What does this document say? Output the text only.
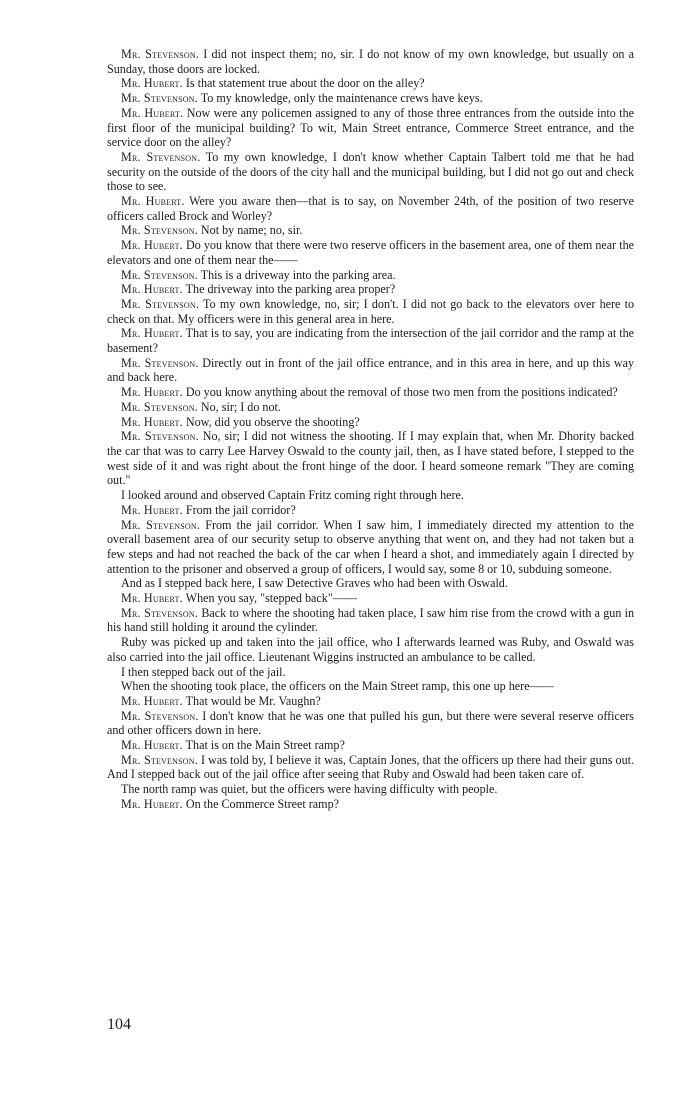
Mr. Stevenson. I did not inspect them; no, sir. I do not know of my own knowledge, but usually on a Sunday, those doors are locked.

Mr. Hubert. Is that statement true about the door on the alley?

Mr. Stevenson. To my knowledge, only the maintenance crews have keys.

Mr. Hubert. Now were any policemen assigned to any of those three entrances from the outside into the first floor of the municipal building? To wit, Main Street entrance, Commerce Street entrance, and the service door on the alley?

Mr. Stevenson. To my own knowledge, I don't know whether Captain Talbert told me that he had security on the outside of the doors of the city hall and the municipal building, but I did not go out and check those to see.

Mr. Hubert. Were you aware then—that is to say, on November 24th, of the position of two reserve officers called Brock and Worley?

Mr. Stevenson. Not by name; no, sir.

Mr. Hubert. Do you know that there were two reserve officers in the basement area, one of them near the elevators and one of them near the——

Mr. Stevenson. This is a driveway into the parking area.

Mr. Hubert. The driveway into the parking area proper?

Mr. Stevenson. To my own knowledge, no, sir; I don't. I did not go back to the elevators over here to check on that. My officers were in this general area in here.

Mr. Hubert. That is to say, you are indicating from the intersection of the jail corridor and the ramp at the basement?

Mr. Stevenson. Directly out in front of the jail office entrance, and in this area in here, and up this way and back here.

Mr. Hubert. Do you know anything about the removal of those two men from the positions indicated?

Mr. Stevenson. No, sir; I do not.

Mr. Hubert. Now, did you observe the shooting?

Mr. Stevenson. No, sir; I did not witness the shooting. If I may explain that, when Mr. Dhority backed the car that was to carry Lee Harvey Oswald to the county jail, then, as I have stated before, I stepped to the west side of it and was right about the front hinge of the door. I heard someone remark "They are coming out."

I looked around and observed Captain Fritz coming right through here.

Mr. Hubert. From the jail corridor?

Mr. Stevenson. From the jail corridor. When I saw him, I immediately directed my attention to the overall basement area of our security setup to observe anything that went on, and they had not taken but a few steps and had not reached the back of the car when I heard a shot, and immediately again I directed by attention to the prisoner and observed a group of officers, I would say, some 8 or 10, subduing someone.

And as I stepped back here, I saw Detective Graves who had been with Oswald.

Mr. Hubert. When you say, "stepped back"——

Mr. Stevenson. Back to where the shooting had taken place, I saw him rise from the crowd with a gun in his hand still holding it around the cylinder.

Ruby was picked up and taken into the jail office, who I afterwards learned was Ruby, and Oswald was also carried into the jail office. Lieutenant Wiggins instructed an ambulance to be called.

I then stepped back out of the jail.

When the shooting took place, the officers on the Main Street ramp, this one up here——

Mr. Hubert. That would be Mr. Vaughn?

Mr. Stevenson. I don't know that he was one that pulled his gun, but there were several reserve officers and other officers down in here.

Mr. Hubert. That is on the Main Street ramp?

Mr. Stevenson. I was told by, I believe it was, Captain Jones, that the officers up there had their guns out. And I stepped back out of the jail office after seeing that Ruby and Oswald had been taken care of.

The north ramp was quiet, but the officers were having difficulty with people.

Mr. Hubert. On the Commerce Street ramp?

104
